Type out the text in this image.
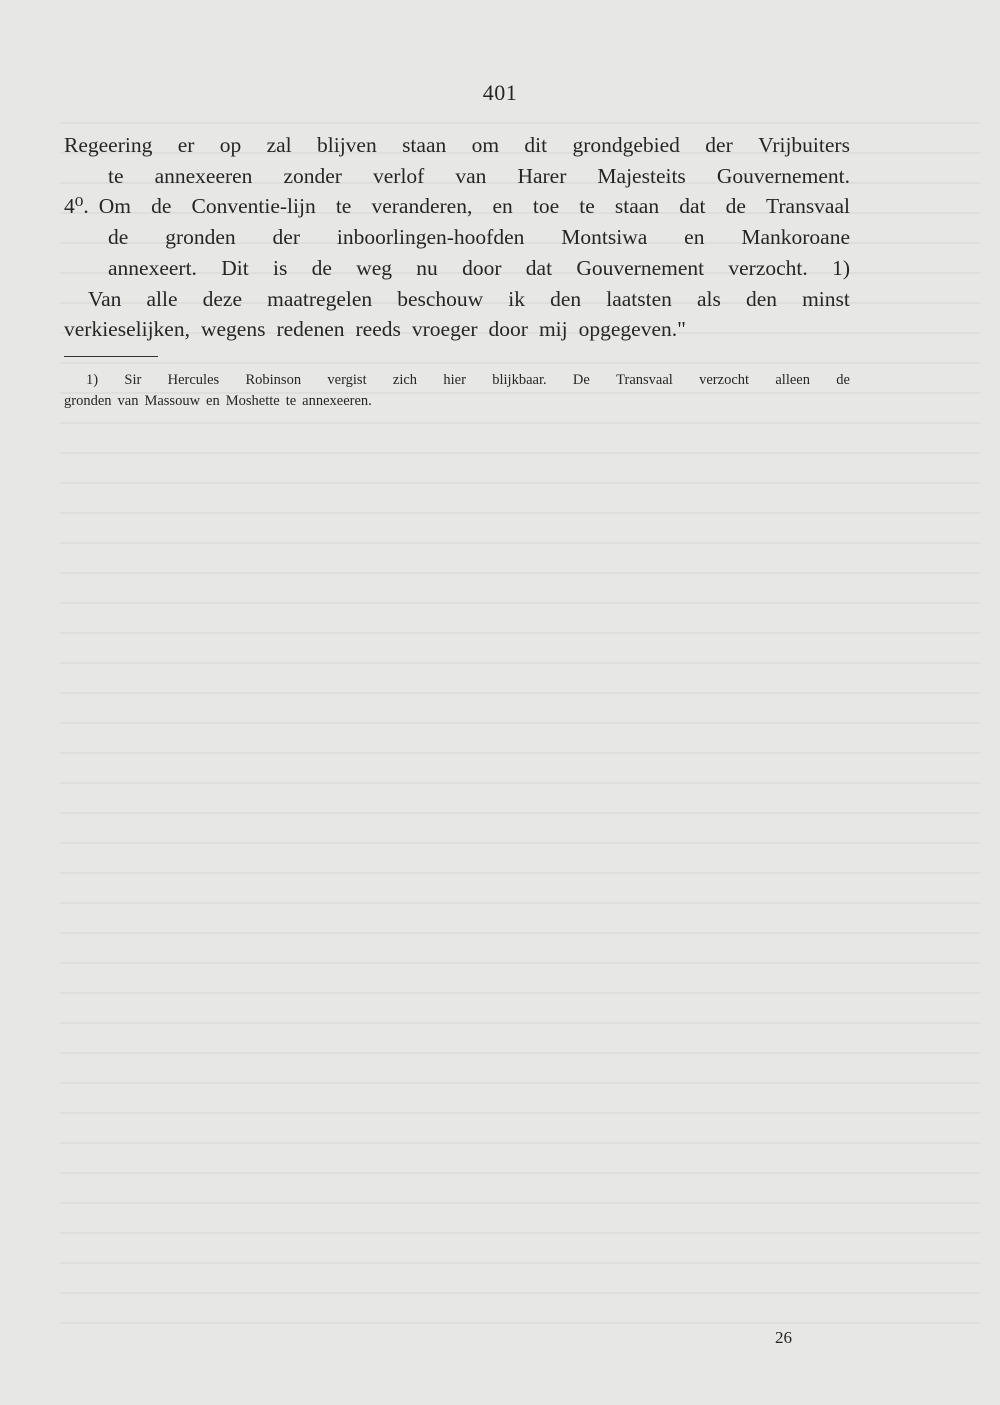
401
Regeering er op zal blijven staan om dit grondgebied der Vrijbuiters
te annexeeren zonder verlof van Harer Majesteits Gouvernement.
4⁰. Om de Conventie-lijn te veranderen, en toe te staan dat de Transvaal
de gronden der inboorlingen-hoofden Montsiwa en Mankoroane
annexeert. Dit is de weg nu door dat Gouvernement verzocht. 1)
Van alle deze maatregelen beschouw ik den laatsten als den minst
verkieselijken, wegens redenen reeds vroeger door mij opgegeven."
1) Sir Hercules Robinson vergist zich hier blijkbaar. De Transvaal verzocht alleen de
gronden van Massouw en Moshette te annexeeren.
26
